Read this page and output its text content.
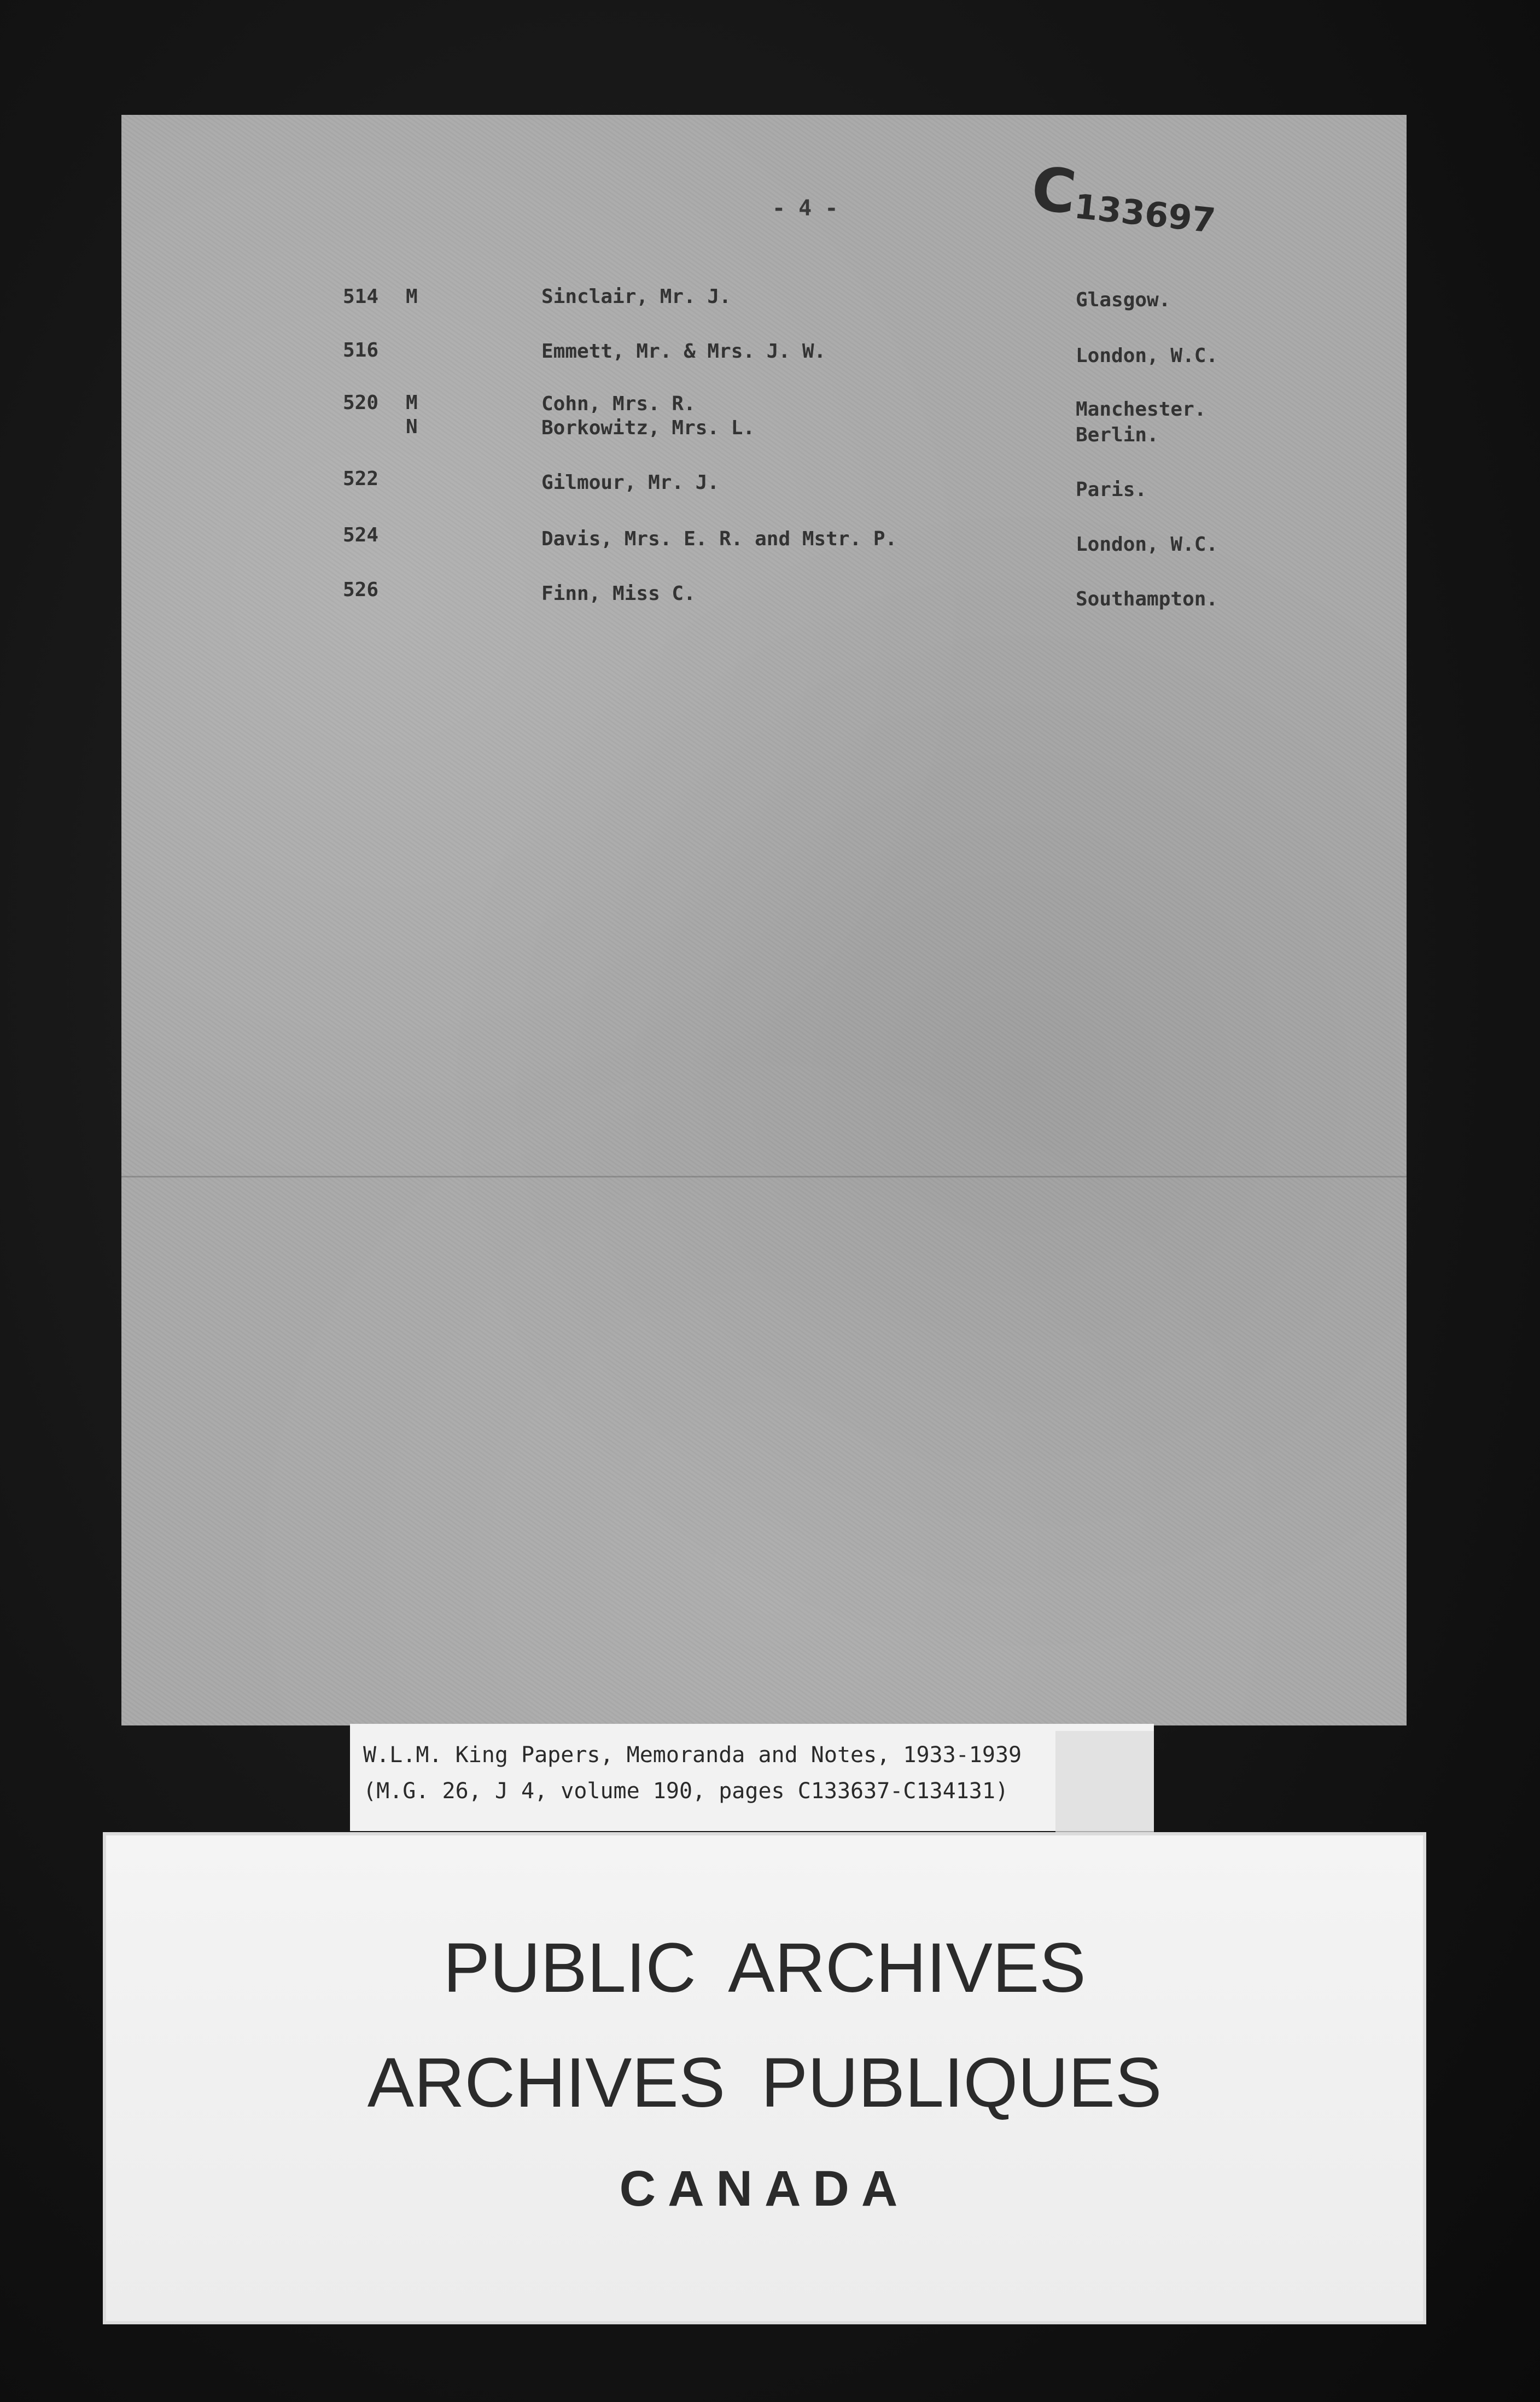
- 4 -	C133697
514 M	Sinclair, Mr. J.	Glasgow.
516	Emmett, Mr. & Mrs. J. W.	London, W.C.
520 M	Cohn, Mrs. R.	Manchester.
N	Borkowitz, Mrs. L.	Berlin.
522	Gilmour, Mr. J.	Paris.
524	Davis, Mrs. E. R. and Mstr. P.	London, W.C.
526	Finn, Miss C.	Southampton.
W.L.M. King Papers, Memoranda and Notes, 1933-1939
(M.G. 26, J 4, volume 190, pages C133637-C134131)
PUBLIC ARCHIVES
ARCHIVES PUBLIQUES
CANADA
